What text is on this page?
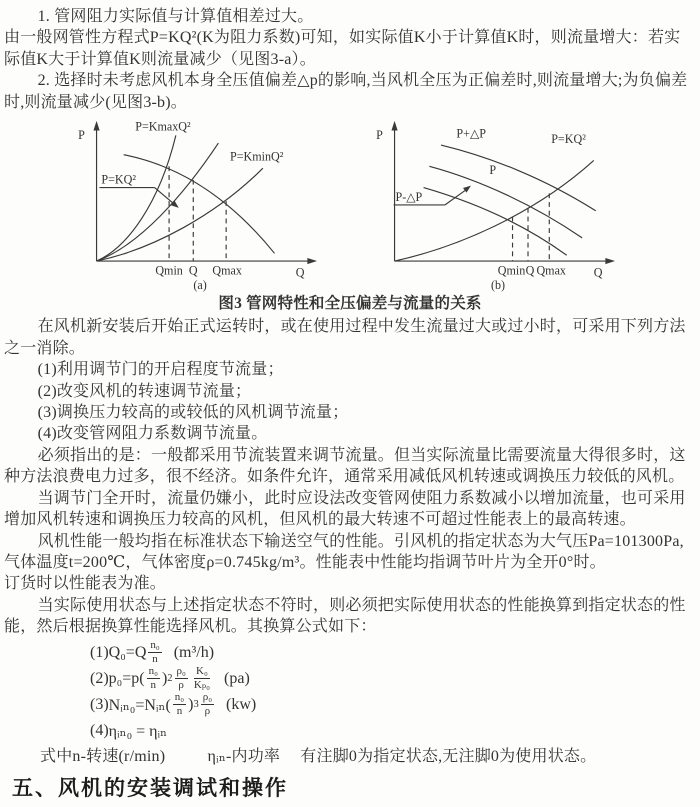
1. 管网阻力实际值与计算值相差过大。

由一般网管性方程式P=KQ²(K为阻力系数)可知，如实际值K小于计算值K时，则流量增大：若实际值K大于计算值K则流量减少（见图3-a）。

2. 选择时未考虑风机本身全压值偏差△p的影响,当风机全压为正偏差时,则流量增大;为负偏差时,则流量减少(见图3-b)。

P
Q
P=KmaxQ²
P=KminQ²
P=KQ²
Qmin Q Qmax
(a)
P
Q
P+△P
P
P=KQ²
P-△P
Qmin Q Qmax
(b)

图3 管网特性和全压偏差与流量的关系

在风机新安装后开始正式运转时，或在使用过程中发生流量过大或过小时，可采用下列方法之一消除。

(1)利用调节门的开启程度节流量；

(2)改变风机的转速调节流量；

(3)调换压力较高的或较低的风机调节流量；

(4)改变管网阻力系数调节流量。

必须指出的是：一般都采用节流装置来调节流量。但当实际流量比需要流量大得很多时，这种方法浪费电力过多，很不经济。如条件允许，通常采用减低风机转速或调换压力较低的风机。

当调节门全开时，流量仍嫌小，此时应设法改变管网使阻力系数减小以增加流量，也可采用增加风机转速和调换压力较高的风机，但风机的最大转速不可超过性能表上的最高转速。

风机性能一般均指在标准状态下输送空气的性能。引风机的指定状态为大气压Pa=101300Pa,气体温度t=200℃，气体密度ρ=0.745kg/m³。性能表中性能均指调节叶片为全开0°时。

订货时以性能表为准。

当实际使用状态与上述指定状态不符时，则必须把实际使用状态的性能换算到指定状态的性能，然后根据换算性能选择风机。其换算公式如下：

(1) $Q_0=Q \frac{\text{n₀}}{n} (m^3/h)$
(2) $p_0=p( \frac{\text{n₀}}{n}$ ) $2 \frac{\text{ρ₀}}{\rho} \frac{\text{K₀}}{\text{Kₚ₀}} (pa)$
(3) Nᵢₙ₀=Nᵢₙ( $\frac{\text{n₀}}{n}$ ) $3 \frac{\text{ρ₀}}{\rho} (kw)$
(4) ηᵢₙ₀ = ηᵢₙ

式中n-转速(r/min)	ηᵢₙ-内功率 有注脚0为指定状态,无注脚0为使用状态。

五、风机的安装调试和操作
